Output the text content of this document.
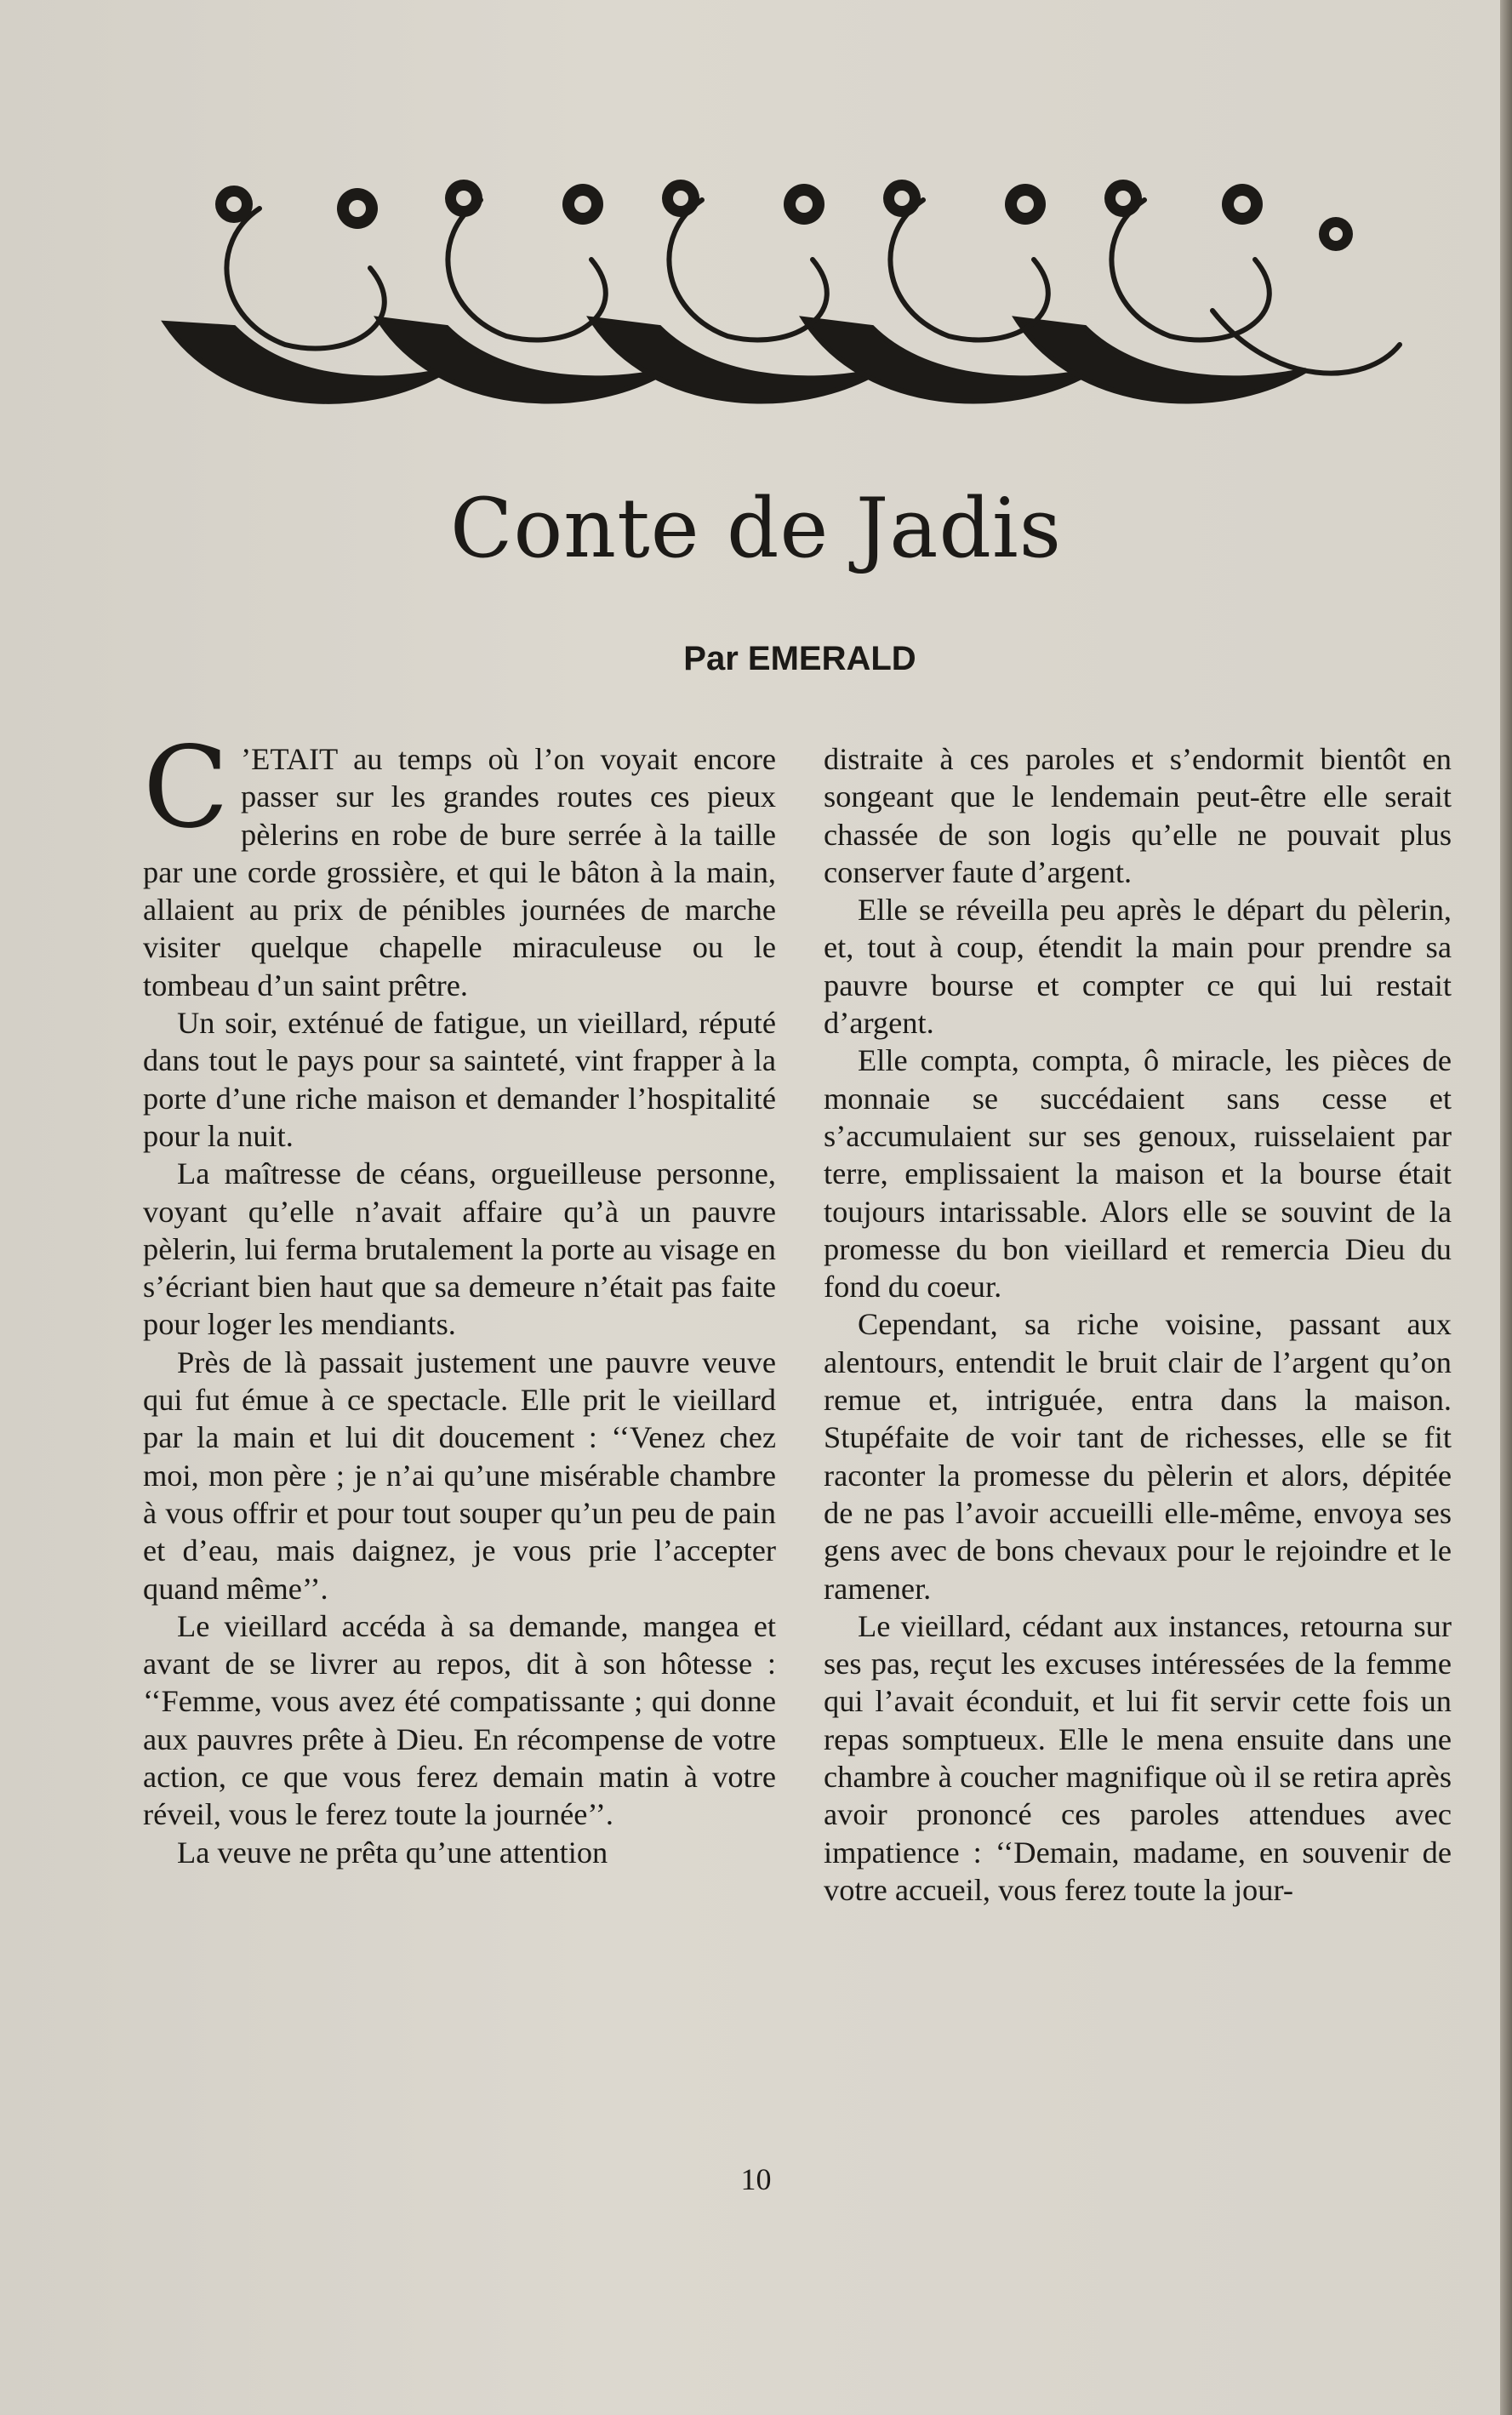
Conte de Jadis

Par EMERALD

C ’ETAIT au temps où l’on voyait encore passer sur les grandes routes ces pieux pèlerins en robe de bure serrée à la taille par une corde grossière, et qui le bâton à la main, allaient au prix de pénibles journées de marche visiter quelque chapelle miraculeuse ou le tombeau d’un saint prêtre.

Un soir, exténué de fatigue, un vieillard, réputé dans tout le pays pour sa sainteté, vint frapper à la porte d’une riche maison et demander l’hospitalité pour la nuit.

La maîtresse de céans, orgueilleuse personne, voyant qu’elle n’avait affaire qu’à un pauvre pèlerin, lui ferma brutalement la porte au visage en s’écriant bien haut que sa demeure n’était pas faite pour loger les mendiants.

Près de là passait justement une pauvre veuve qui fut émue à ce spectacle. Elle prit le vieillard par la main et lui dit doucement : ‘‘Venez chez moi, mon père ; je n’ai qu’une misérable chambre à vous offrir et pour tout souper qu’un peu de pain et d’eau, mais daignez, je vous prie l’accepter quand même’’.

Le vieillard accéda à sa demande, mangea et avant de se livrer au repos, dit à son hôtesse : ‘‘Femme, vous avez été compatissante ; qui donne aux pauvres prête à Dieu. En récompense de votre action, ce que vous ferez demain matin à votre réveil, vous le ferez toute la journée’’.

La veuve ne prêta qu’une attention

distraite à ces paroles et s’endormit bientôt en songeant que le lendemain peut-être elle serait chassée de son logis qu’elle ne pouvait plus conserver faute d’argent.

Elle se réveilla peu après le départ du pèlerin, et, tout à coup, étendit la main pour prendre sa pauvre bourse et compter ce qui lui restait d’argent.

Elle compta, compta, ô miracle, les pièces de monnaie se succédaient sans cesse et s’accumulaient sur ses genoux, ruisselaient par terre, emplissaient la maison et la bourse était toujours intarissable. Alors elle se souvint de la promesse du bon vieillard et remercia Dieu du fond du coeur.

Cependant, sa riche voisine, passant aux alentours, entendit le bruit clair de l’argent qu’on remue et, intriguée, entra dans la maison. Stupéfaite de voir tant de richesses, elle se fit raconter la promesse du pèlerin et alors, dépitée de ne pas l’avoir accueilli elle-même, envoya ses gens avec de bons chevaux pour le rejoindre et le ramener.

Le vieillard, cédant aux instances, retourna sur ses pas, reçut les excuses intéressées de la femme qui l’avait éconduit, et lui fit servir cette fois un repas somptueux. Elle le mena ensuite dans une chambre à coucher magnifique où il se retira après avoir prononcé ces paroles attendues avec impatience : ‘‘Demain, madame, en souvenir de votre accueil, vous ferez toute la jour-

10
